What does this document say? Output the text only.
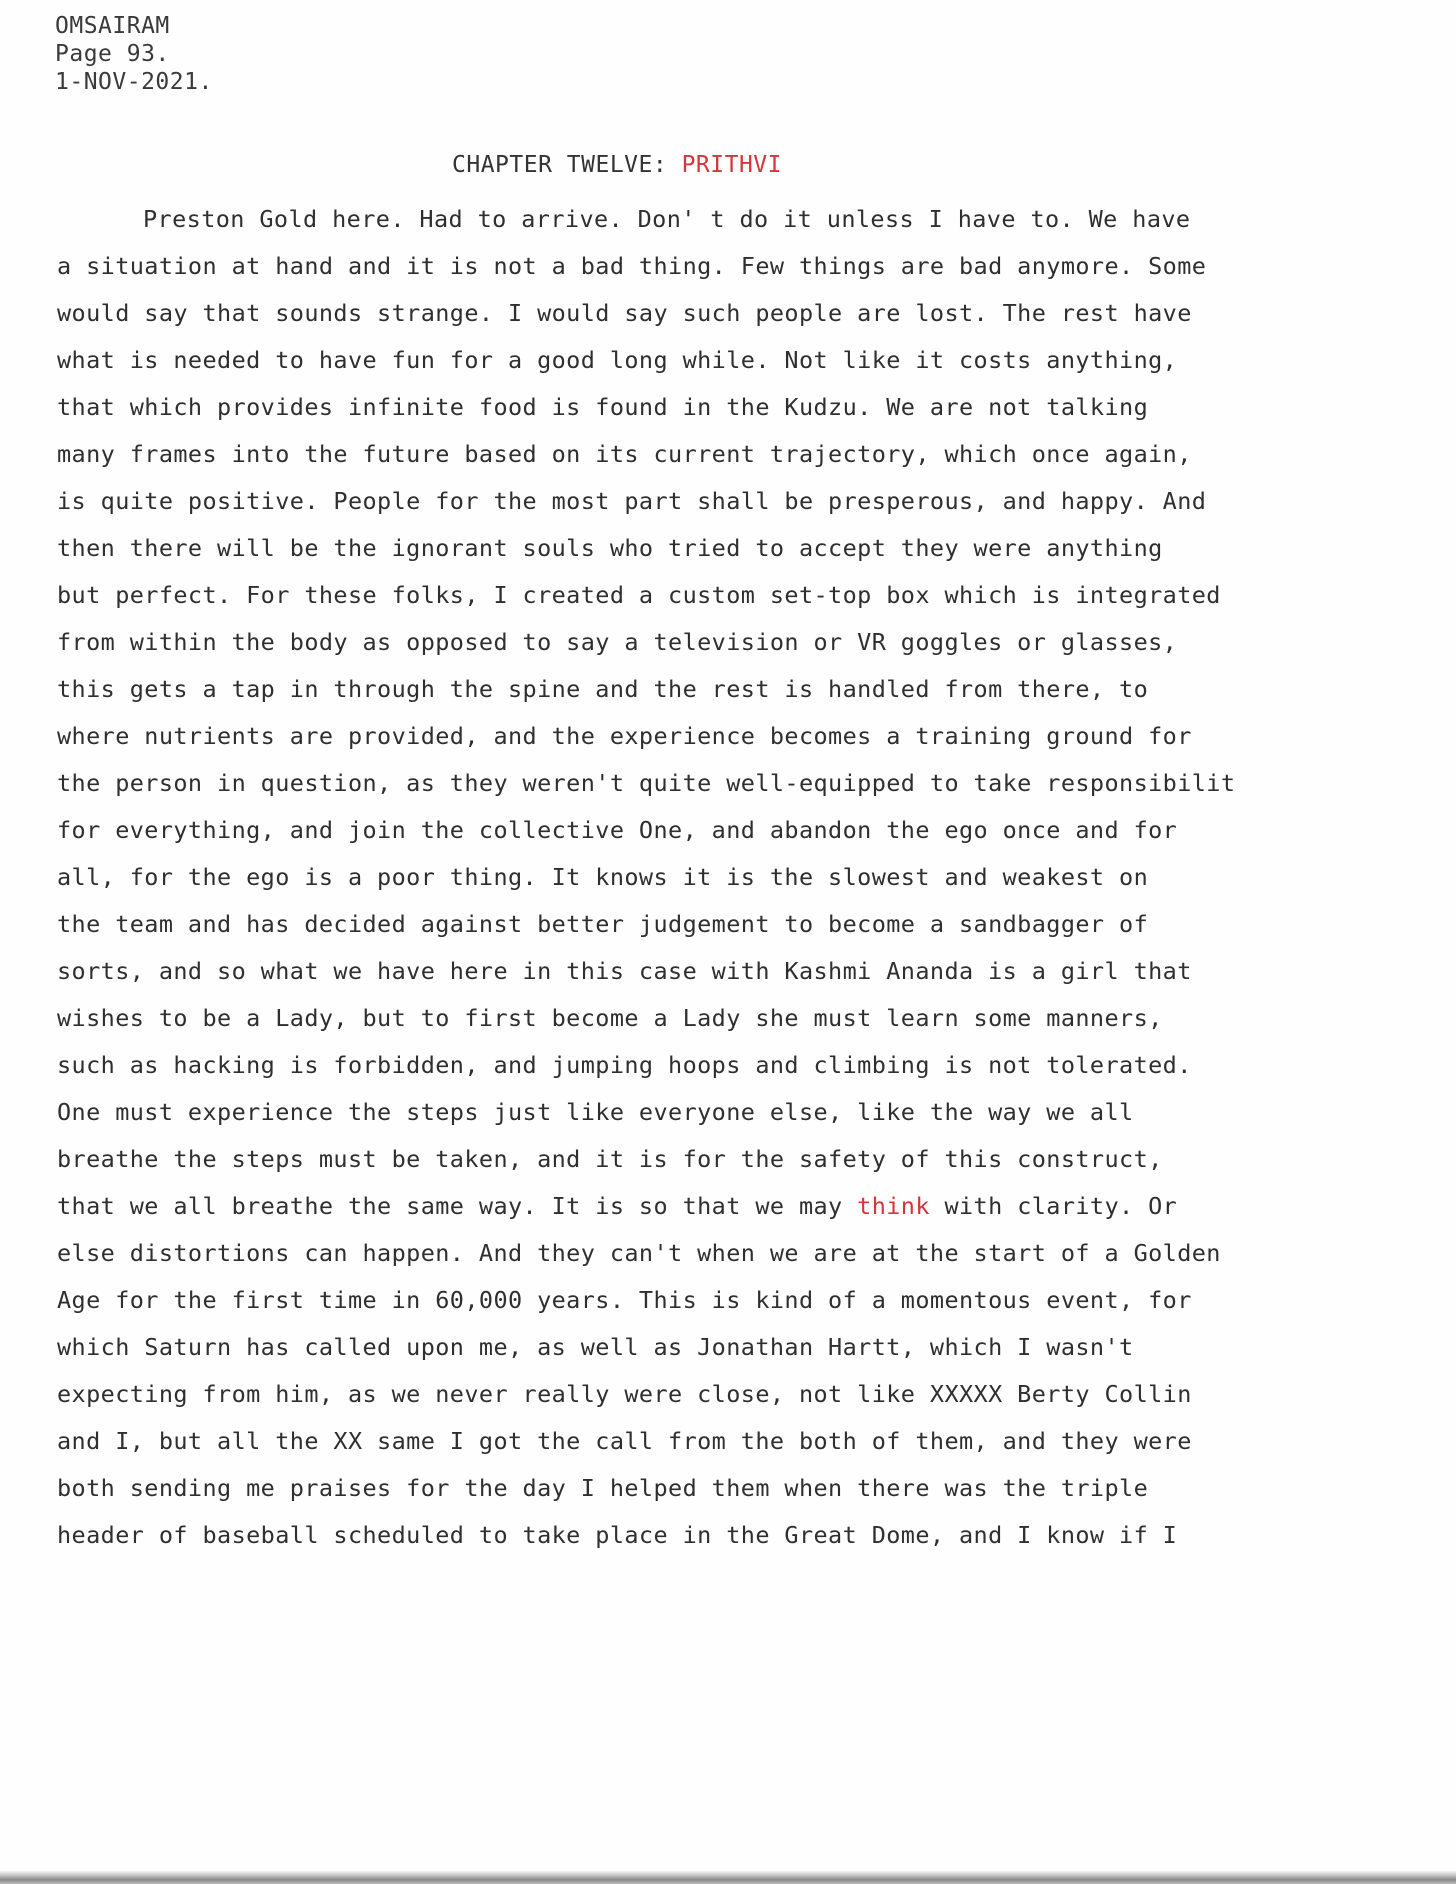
OMSAIRAM
Page 93.
1-NOV-2021.
CHAPTER TWELVE: PRITHVI
Preston Gold here. Had to arrive. Don' t do it unless I have to. We have
a situation at hand and it is not a bad thing. Few things are bad anymore. Some
would say that sounds strange. I would say such people are lost. The rest have
what is needed to have fun for a good long while. Not like it costs anything,
that which provides infinite food is found in the Kudzu. We are not talking
many frames into the future based on its current trajectory, which once again,
is quite positive. People for the most part shall be presperous, and happy. And
then there will be the ignorant souls who tried to accept they were anything
but perfect. For these folks, I created a custom set-top box which is integrated
from within the body as opposed to say a television or VR goggles or glasses,
this gets a tap in through the spine and the rest is handled from there, to
where nutrients are provided, and the experience becomes a training ground for
the person in question, as they weren't quite well-equipped to take responsibilit
for everything, and join the collective One, and abandon the ego once and for
all, for the ego is a poor thing. It knows it is the slowest and weakest on
the team and has decided against better judgement to become a sandbagger of
sorts, and so what we have here in this case with Kashmi Ananda is a girl that
wishes to be a Lady, but to first become a Lady she must learn some manners,
such as hacking is forbidden, and jumping hoops and climbing is not tolerated.
One must experience the steps just like everyone else, like the way we all
breathe the steps must be taken, and it is for the safety of this construct,
that we all breathe the same way. It is so that we may think with clarity. Or
else distortions can happen. And they can't when we are at the start of a Golden
Age for the first time in 60,000 years. This is kind of a momentous event, for
which Saturn has called upon me, as well as Jonathan Hartt, which I wasn't
expecting from him, as we never really were close, not like XXXXX Berty Collin
and I, but all the XX same I got the call from the both of them, and they were
both sending me praises for the day I helped them when there was the triple
header of baseball scheduled to take place in the Great Dome, and I know if I
